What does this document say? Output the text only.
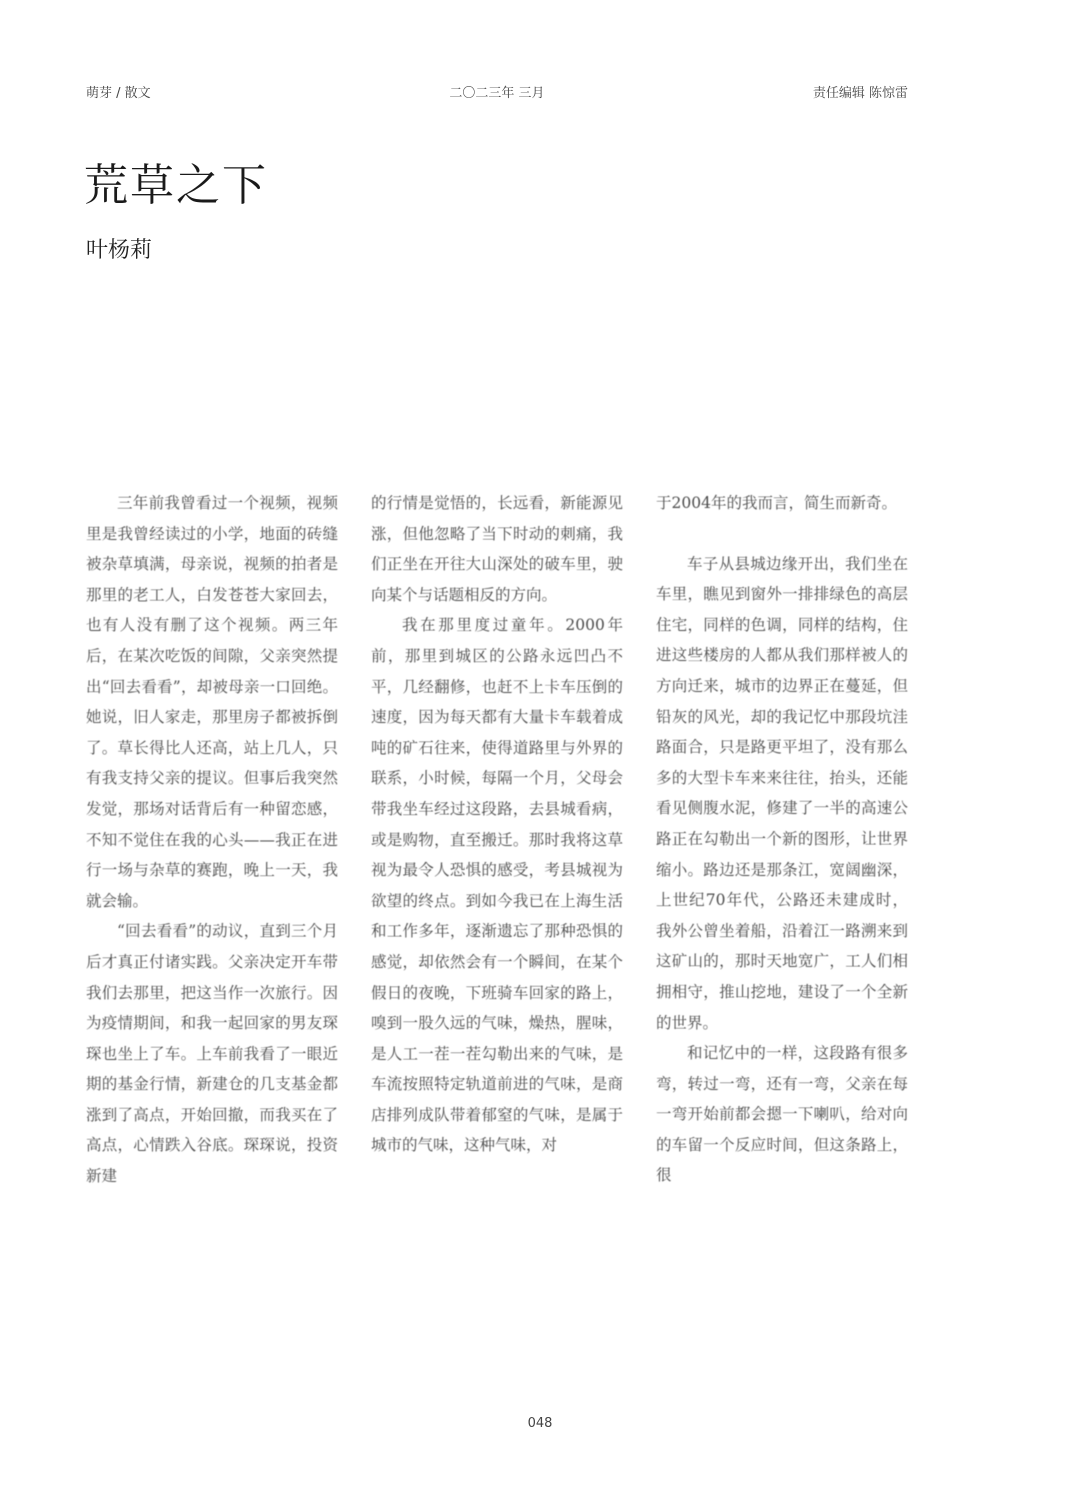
萌芽 / 散文	二〇二三年 三月	责任编辑 陈惊雷
荒草之下
叶杨莉

三年前我曾看过一个视频，视频里是我曾经读过的小学，地面的砖缝被杂草填满，母亲说，视频的拍者是那里的老工人，白发苍苍大家回去，也有人没有删了这个视频。两三年后，在某次吃饭的间隙，父亲突然提出“回去看看”，却被母亲一口回绝。她说，旧人家走，那里房子都被拆倒了。草长得比人还高，站上几人，只有我支持父亲的提议。但事后我突然发觉，那场对话背后有一种留恋感，不知不觉住在我的心头——我正在进行一场与杂草的赛跑，晚上一天，我就会输。

“回去看看”的动议，直到三个月后才真正付诸实践。父亲决定开车带我们去那里，把这当作一次旅行。因为疫情期间，和我一起回家的男友琛琛也坐上了车。上车前我看了一眼近期的基金行情，新建仓的几支基金都涨到了高点，开始回撤，而我买在了高点，心情跌入谷底。琛琛说，投资新建

的行情是觉悟的，长远看，新能源见涨，但他忽略了当下时动的刺痛，我们正坐在开往大山深处的破车里，驶向某个与话题相反的方向。

我在那里度过童年。2000年前，那里到城区的公路永远凹凸不平，几经翻修，也赶不上卡车压倒的速度，因为每天都有大量卡车载着成吨的矿石往来，使得道路里与外界的联系，小时候，每隔一个月，父母会带我坐车经过这段路，去县城看病，或是购物，直至搬迁。那时我将这草视为最令人恐惧的感受，考县城视为欲望的终点。到如今我已在上海生活和工作多年，逐渐遗忘了那种恐惧的感觉，却依然会有一个瞬间，在某个假日的夜晚，下班骑车回家的路上，嗅到一股久远的气味，燥热，腥味，是人工一茬一茬勾勒出来的气味，是车流按照特定轨道前进的气味，是商店排列成队带着郁窒的气味，是属于城市的气味，这种气味，对

于2004年的我而言，简生而新奇。

车子从县城边缘开出，我们坐在车里，瞧见到窗外一排排绿色的高层住宅，同样的色调，同样的结构，住进这些楼房的人都从我们那样被人的方向迁来，城市的边界正在蔓延，但铅灰的风光，却的我记忆中那段坑洼路面合，只是路更平坦了，没有那么多的大型卡车来来往往，抬头，还能看见侧腹水泥，修建了一半的高速公路正在勾勒出一个新的图形，让世界缩小。路边还是那条江，宽阔幽深，上世纪70年代，公路还未建成时，我外公曾坐着船，沿着江一路溯来到这矿山的，那时天地宽广，工人们相拥相守，推山挖地，建设了一个全新的世界。

和记忆中的一样，这段路有很多弯，转过一弯，还有一弯，父亲在每一弯开始前都会摁一下喇叭，给对向的车留一个反应时间，但这条路上，很

048
